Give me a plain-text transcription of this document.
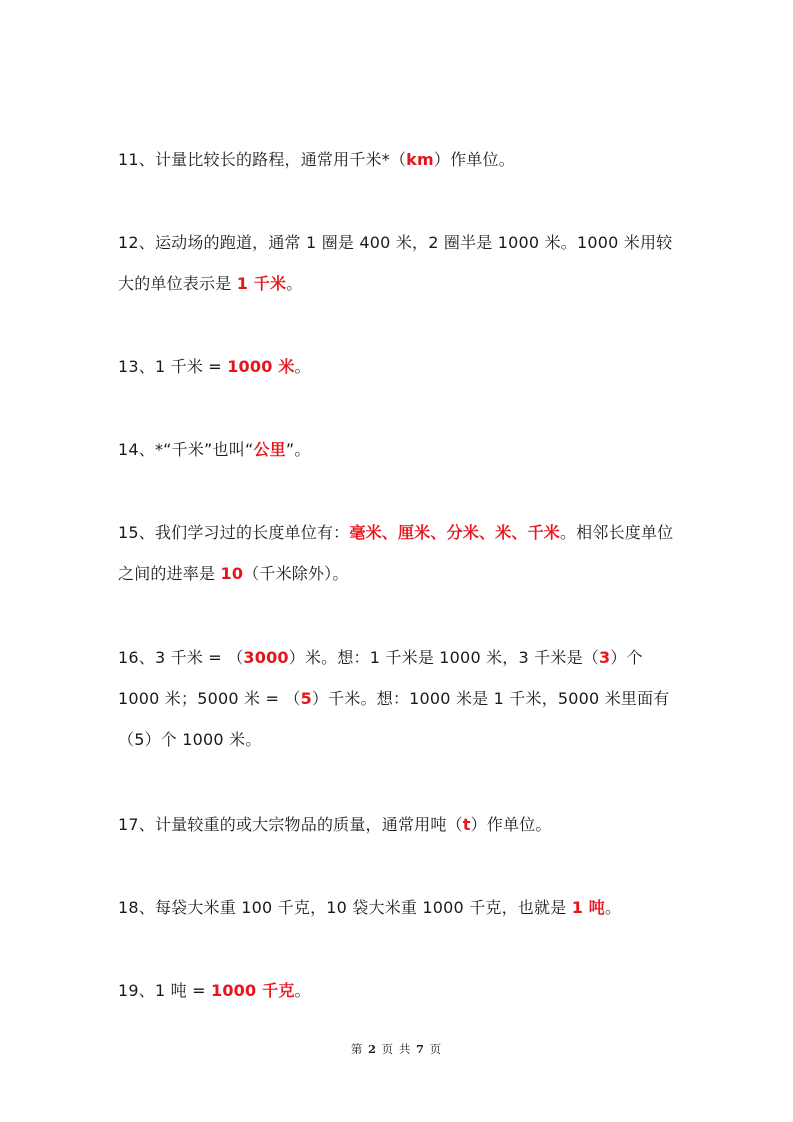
11、计量比较长的路程，通常用千米*（km）作单位。
12、运动场的跑道，通常 1 圈是 400 米，2 圈半是 1000 米。1000 米用较大的单位表示是 1 千米。
13、1 千米 = 1000 米。
14、*“千米”也叫“公里”。
15、我们学习过的长度单位有：毫米、厘米、分米、米、千米。相邻长度单位之间的进率是 10（千米除外）。
16、3 千米 = （3000）米。想：1 千米是 1000 米，3 千米是（3）个 1000 米；5000 米 = （5）千米。想：1000 米是 1 千米，5000 米里面有（5）个 1000 米。
17、计量较重的或大宗物品的质量，通常用吨（t）作单位。
18、每袋大米重 100 千克，10 袋大米重 1000 千克，也就是 1 吨。
19、1 吨 = 1000 千克。
第 2 页 共 7 页
